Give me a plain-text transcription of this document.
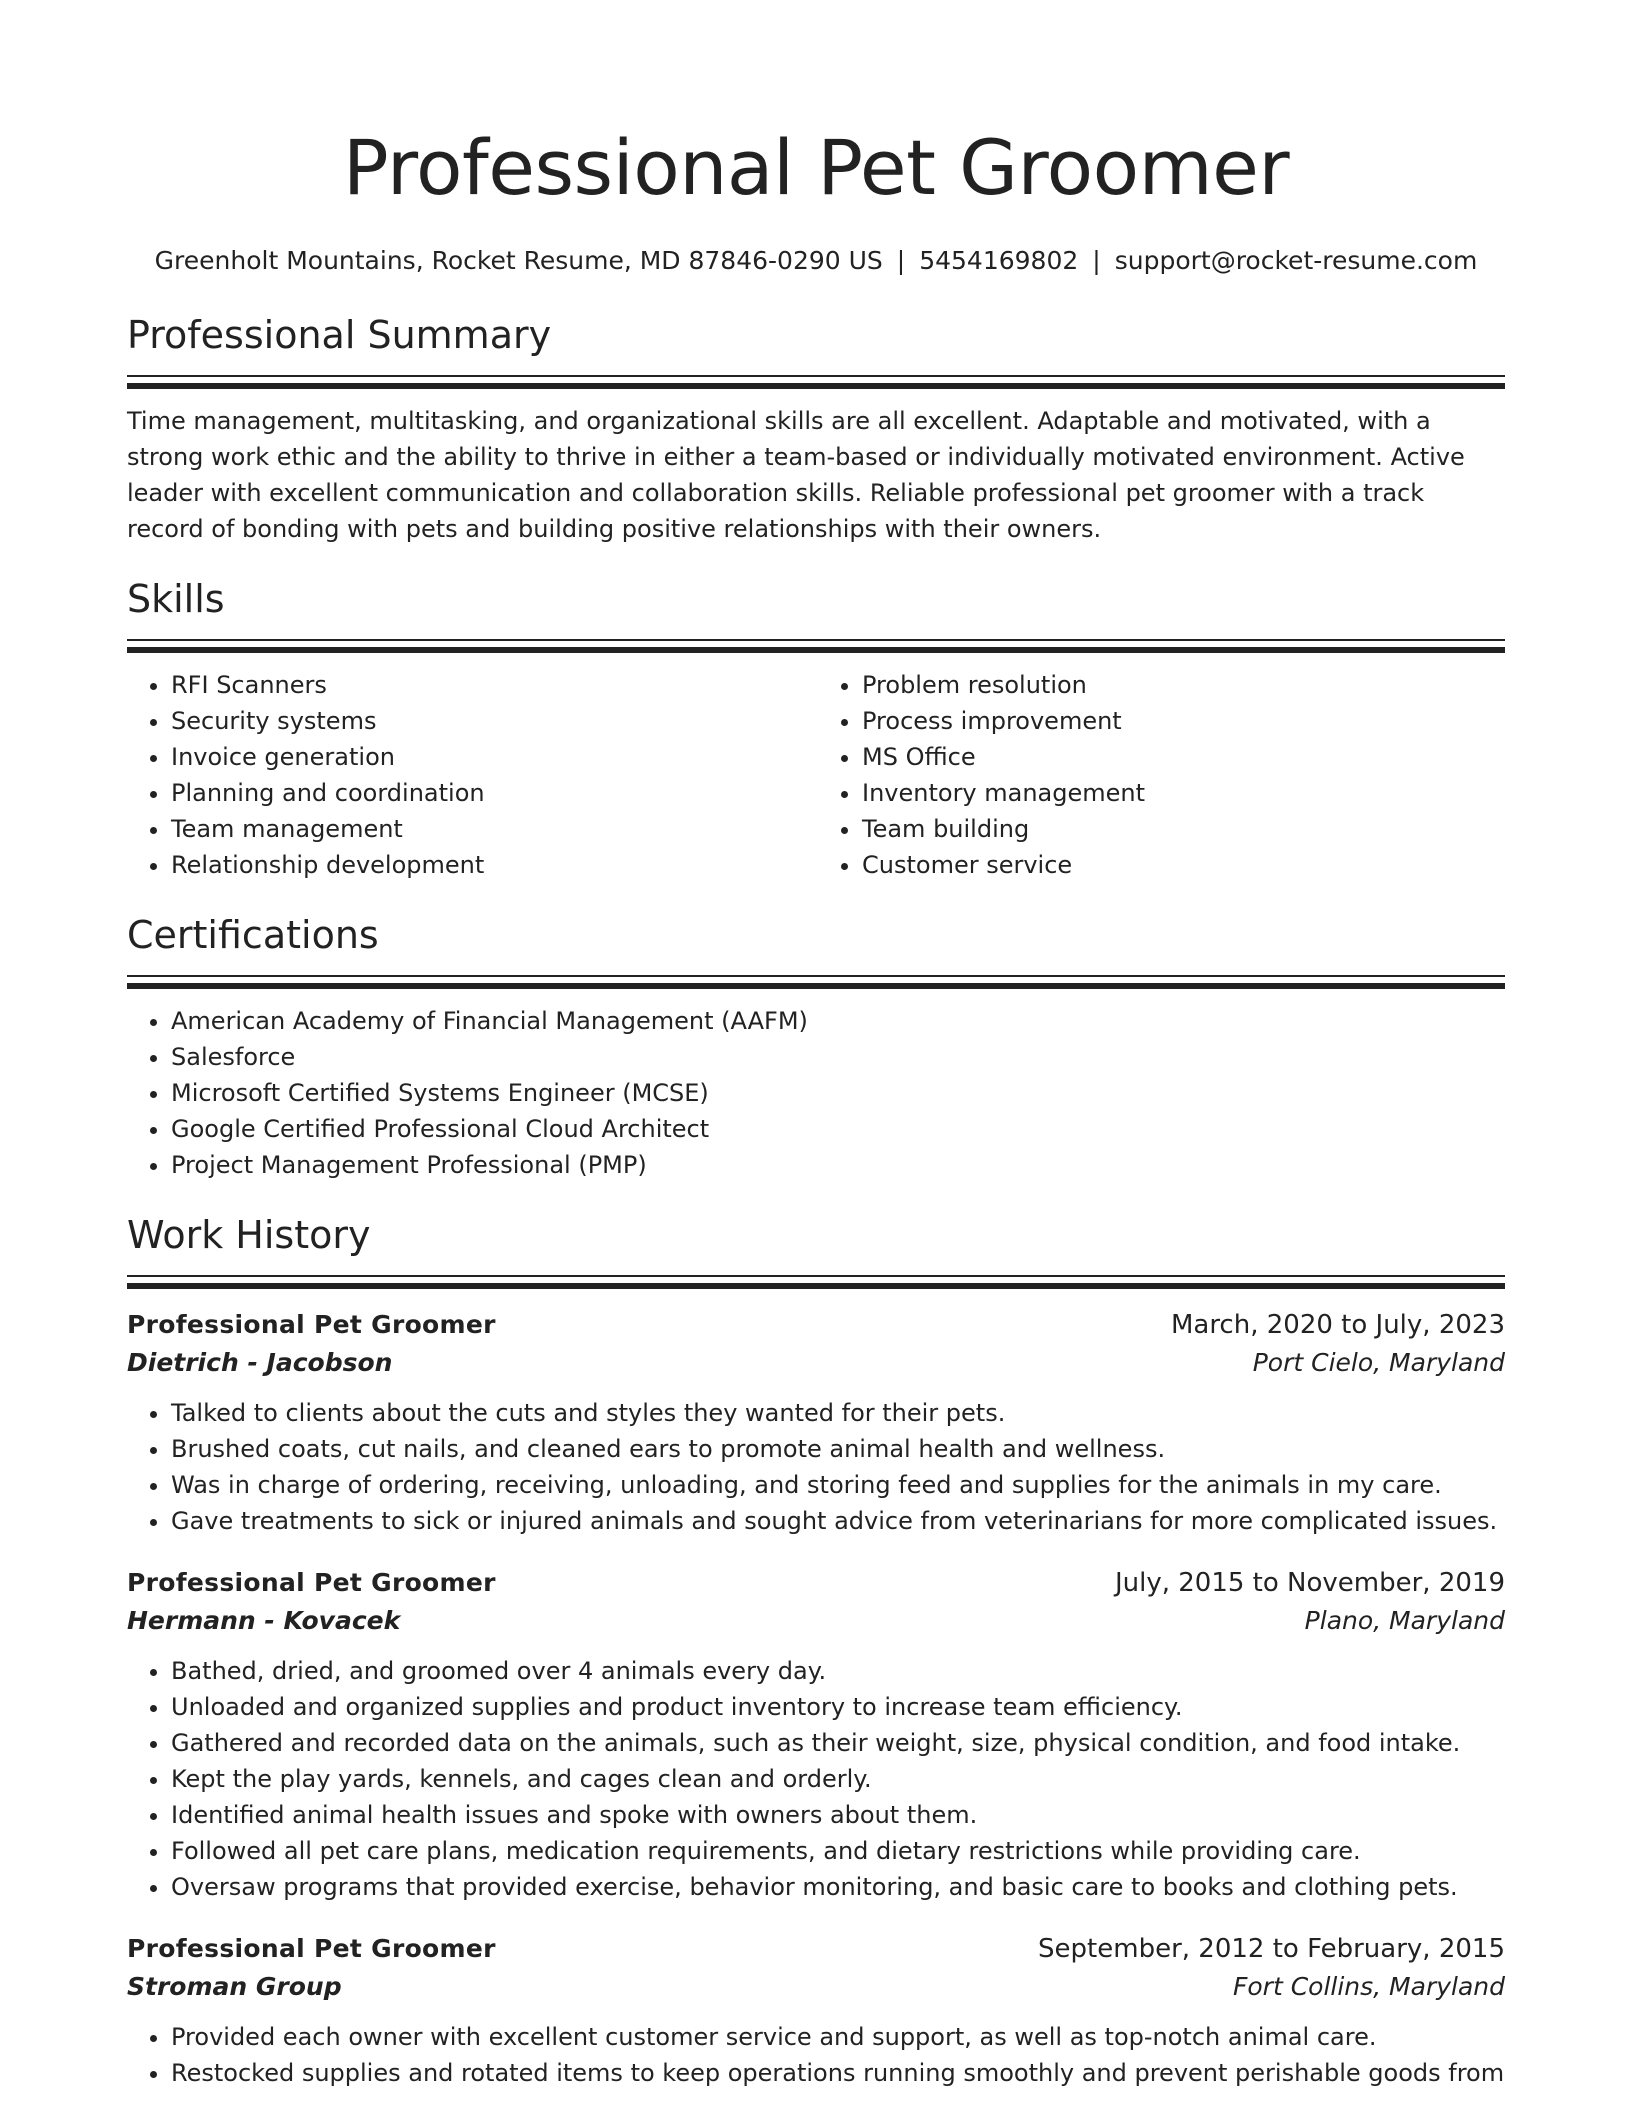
Professional Pet Groomer
Greenholt Mountains, Rocket Resume, MD 87846-0290 US | 5454169802 | support@rocket-resume.com
Professional Summary

Time management, multitasking, and organizational skills are all excellent. Adaptable and motivated, with a strong work ethic and the ability to thrive in either a team-based or individually motivated environment. Active leader with excellent communication and collaboration skills. Reliable professional pet groomer with a track record of bonding with pets and building positive relationships with their owners.

Skills
• RFI Scanners
• Security systems
• Invoice generation
• Planning and coordination
• Team management
• Relationship development
• Problem resolution
• Process improvement
• MS Office
• Inventory management
• Team building
• Customer service
Certifications
• American Academy of Financial Management (AAFM)
• Salesforce
• Microsoft Certified Systems Engineer (MCSE)
• Google Certified Professional Cloud Architect
• Project Management Professional (PMP)
Work History
Professional Pet Groomer	March, 2020 to July, 2023
Dietrich - Jacobson	Port Cielo, Maryland
• Talked to clients about the cuts and styles they wanted for their pets.
• Brushed coats, cut nails, and cleaned ears to promote animal health and wellness.
• Was in charge of ordering, receiving, unloading, and storing feed and supplies for the animals in my care.
• Gave treatments to sick or injured animals and sought advice from veterinarians for more complicated issues.
Professional Pet Groomer	July, 2015 to November, 2019
Hermann - Kovacek	Plano, Maryland
• Bathed, dried, and groomed over 4 animals every day.
• Unloaded and organized supplies and product inventory to increase team efficiency.
• Gathered and recorded data on the animals, such as their weight, size, physical condition, and food intake.
• Kept the play yards, kennels, and cages clean and orderly.
• Identified animal health issues and spoke with owners about them.
• Followed all pet care plans, medication requirements, and dietary restrictions while providing care.
• Oversaw programs that provided exercise, behavior monitoring, and basic care to books and clothing pets.
Professional Pet Groomer	September, 2012 to February, 2015
Stroman Group	Fort Collins, Maryland
• Provided each owner with excellent customer service and support, as well as top-notch animal care.
• Restocked supplies and rotated items to keep operations running smoothly and prevent perishable goods from
